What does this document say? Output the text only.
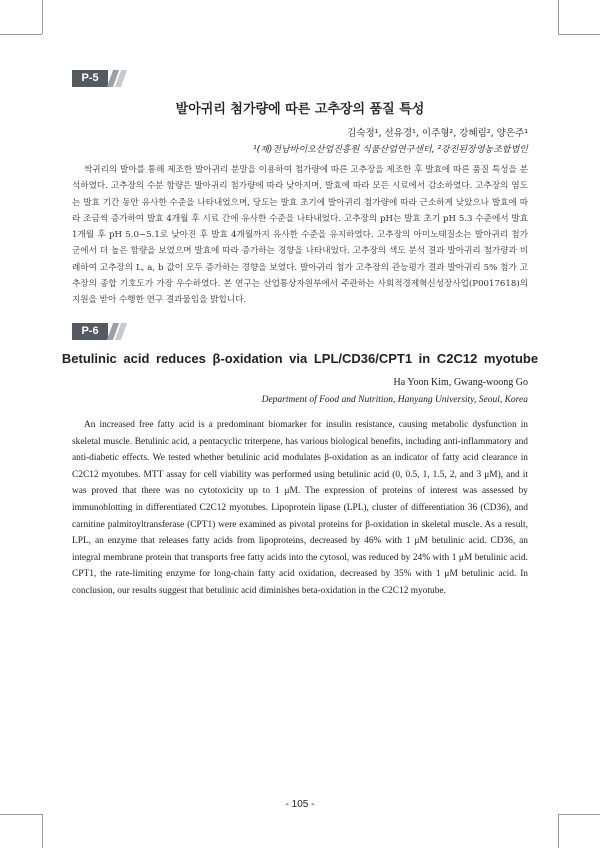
P-5
발아귀리 첨가량에 따른 고추장의 품질 특성
김숙정¹, 선유경¹, 이주형², 강혜림², 양은주¹
¹(재)전남바이오산업진흥원 식품산업연구센터, ²강진된장영농조합법인
싹귀리의 발아를 통해 제조한 발아귀리 분말을 이용하여 첨가량에 따른 고추장을 제조한 후 발효에 따른 품질 특성을 분석하였다. 고추장의 수분 함량은 발아귀리 첨가량에 따라 낮아지며, 발효에 따라 모든 시료에서 감소하였다. 고추장의 염도는 발효 기간 동안 유사한 수준을 나타내었으며, 당도는 발효 초기에 발아귀리 첨가량에 따라 근소하게 낮았으나 발효에 따라 조금씩 증가하여 발효 4개월 후 시료 간에 유사한 수준을 나타내었다. 고추장의 pH는 발효 초기 pH 5.3 수준에서 발효 1개월 후 pH 5.0~5.1로 낮아진 후 발효 4개월까지 유사한 수준을 유지하였다. 고추장의 아미노태질소는 발아귀리 첨가군에서 더 높은 함량을 보였으며 발효에 따라 증가하는 경향을 나타내었다. 고추장의 색도 분석 결과 발아귀리 첨가량과 비례하여 고추장의 L, a, b 값이 모두 증가하는 경향을 보였다. 발아귀리 첨가 고추장의 관능평가 결과 발아귀리 5% 첨가 고추장의 종합 기호도가 가장 우수하였다. 본 연구는 산업통상자원부에서 주관하는 사회적경제혁신성장사업(P0017618)의 지원을 받아 수행한 연구 결과물임을 밝힙니다.
P-6
Betulinic acid reduces β-oxidation via LPL/CD36/CPT1 in C2C12 myotube
Ha Yoon Kim, Gwang-woong Go
Department of Food and Nutrition, Hanyang University, Seoul, Korea
An increased free fatty acid is a predominant biomarker for insulin resistance, causing metabolic dysfunction in skeletal muscle. Betulinic acid, a pentacyclic triterpene, has various biological benefits, including anti-inflammatory and anti-diabetic effects. We tested whether betulinic acid modulates β-oxidation as an indicator of fatty acid clearance in C2C12 myotubes. MTT assay for cell viability was performed using betulinic acid (0, 0.5, 1, 1.5, 2, and 3 μM), and it was proved that there was no cytotoxicity up to 1 μM. The expression of proteins of interest was assessed by immunoblotting in differentiated C2C12 myotubes. Lipoprotein lipase (LPL), cluster of differentiation 36 (CD36), and carnitine palmitoyltransferase (CPT1) were examined as pivotal proteins for β-oxidation in skeletal muscle. As a result, LPL, an enzyme that releases fatty acids from lipoproteins, decreased by 46% with 1 μM betulinic acid. CD36, an integral membrane protein that transports free fatty acids into the cytosol, was reduced by 24% with 1 μM betulinic acid. CPT1, the rate-limiting enzyme for long-chain fatty acid oxidation, decreased by 35% with 1 μM betulinic acid. In conclusion, our results suggest that betulinic acid diminishes beta-oxidation in the C2C12 myotube.
- 105 -
